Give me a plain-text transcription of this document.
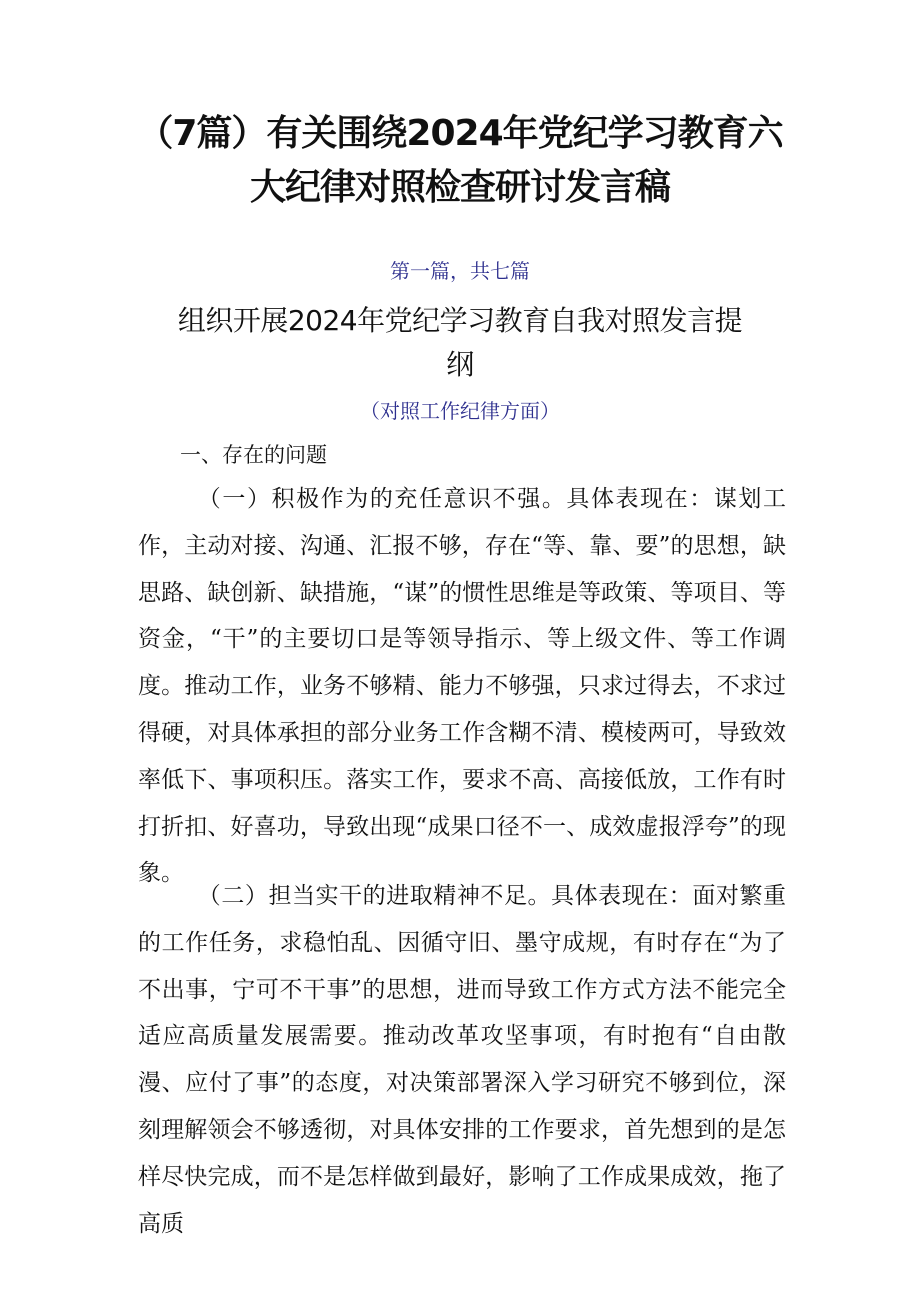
（7篇）有关围绕2024年党纪学习教育六
大纪律对照检查研讨发言稿
第一篇，共七篇
组织开展2024年党纪学习教育自我对照发言提
纲
（对照工作纪律方面）
一、存在的问题

（一）积极作为的充任意识不强。具体表现在：谋划工作，主动对接、沟通、汇报不够，存在“等、靠、要”的思想，缺思路、缺创新、缺措施，“谋”的惯性思维是等政策、等项目、等资金，“干”的主要切口是等领导指示、等上级文件、等工作调度。推动工作，业务不够精、能力不够强，只求过得去，不求过得硬，对具体承担的部分业务工作含糊不清、模棱两可，导致效率低下、事项积压。落实工作，要求不高、高接低放，工作有时打折扣、好喜功，导致出现“成果口径不一、成效虚报浮夸”的现象。

（二）担当实干的进取精神不足。具体表现在：面对繁重的工作任务，求稳怕乱、因循守旧、墨守成规，有时存在“为了不出事，宁可不干事”的思想，进而导致工作方式方法不能完全适应高质量发展需要。推动改革攻坚事项，有时抱有“自由散漫、应付了事”的态度，对决策部署深入学习研究不够到位，深刻理解领会不够透彻，对具体安排的工作要求，首先想到的是怎样尽快完成，而不是怎样做到最好，影响了工作成果成效，拖了高质
